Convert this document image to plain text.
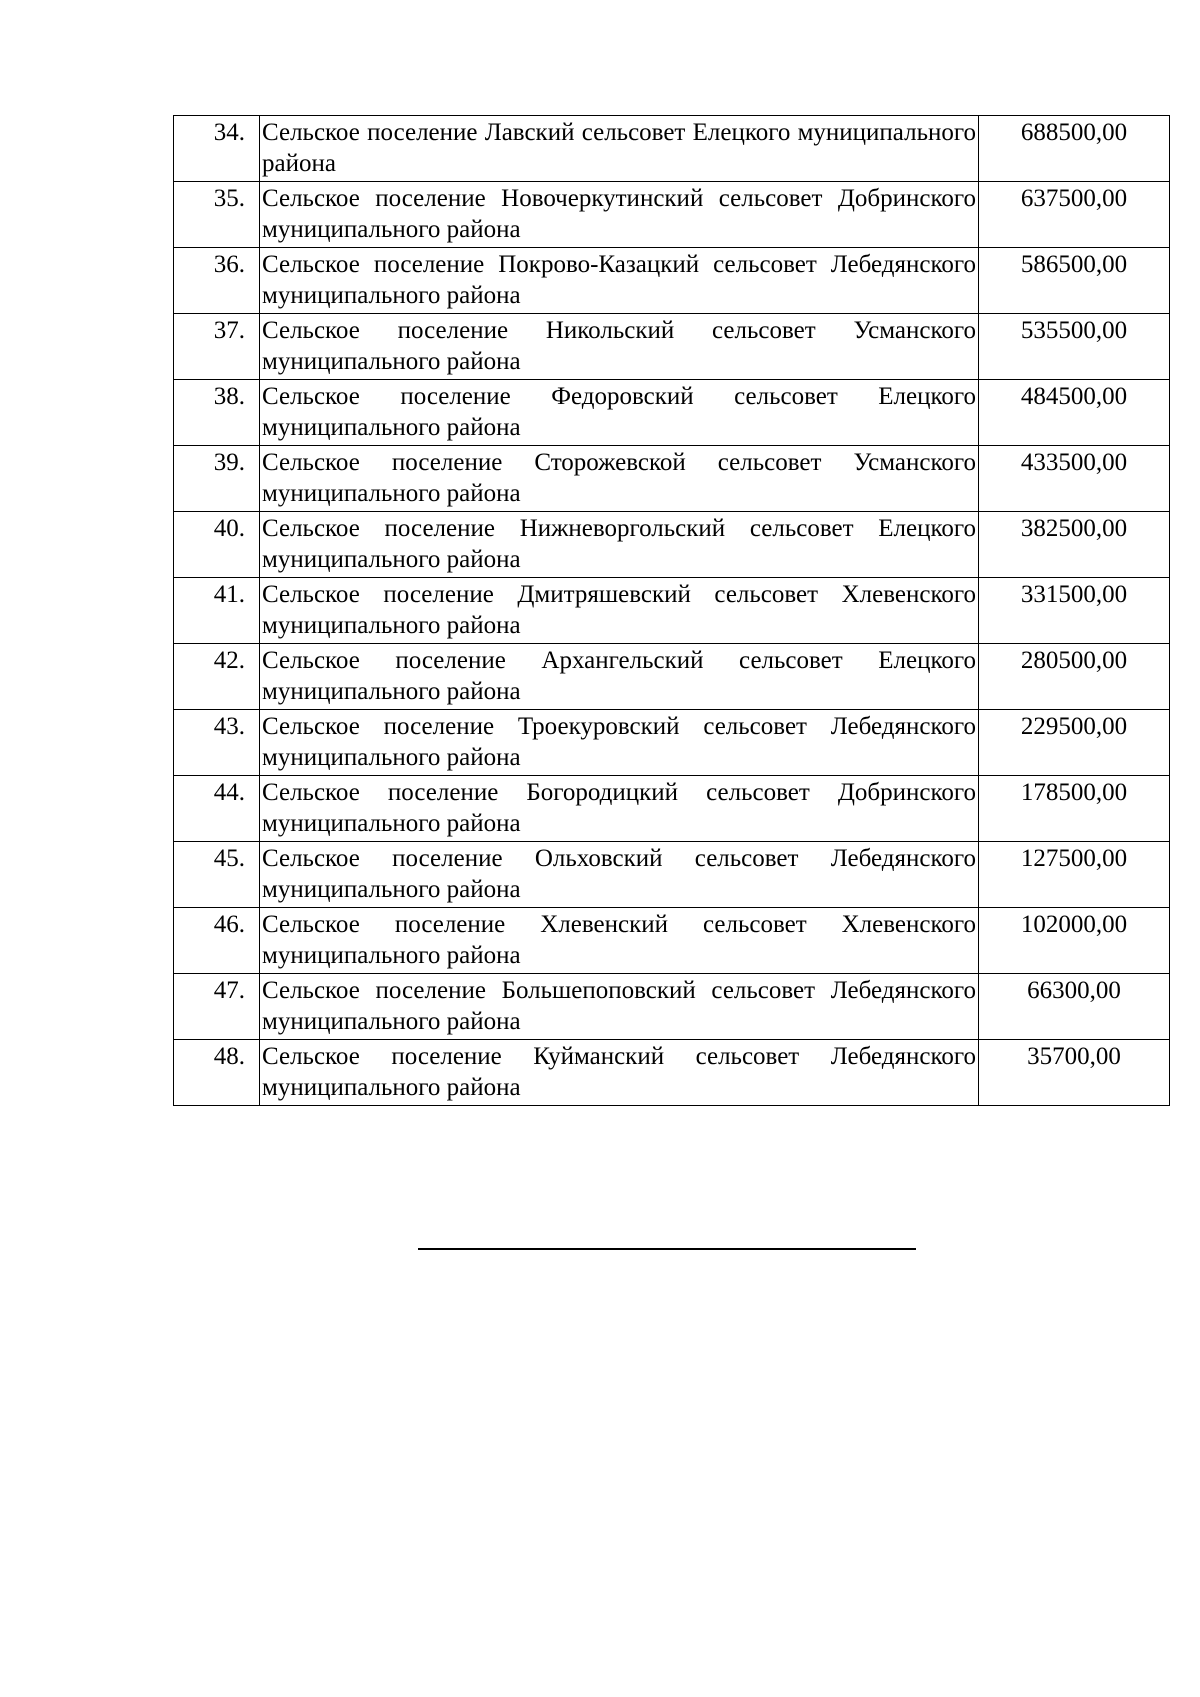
34.	Сельское поселение Лавский сельсовет Елецкого муниципального района	688500,00
35.	Сельское поселение Новочеркутинский сельсовет Добринского муниципального района	637500,00
36.	Сельское поселение Покрово-Казацкий сельсовет Лебедянского муниципального района	586500,00
37.	Сельское поселение Никольский сельсовет Усманского муниципального района	535500,00
38.	Сельское поселение Федоровский сельсовет Елецкого муниципального района	484500,00
39.	Сельское поселение Сторожевской сельсовет Усманского муниципального района	433500,00
40.	Сельское поселение Нижневоргольский сельсовет Елецкого муниципального района	382500,00
41.	Сельское поселение Дмитряшевский сельсовет Хлевенского муниципального района	331500,00
42.	Сельское поселение Архангельский сельсовет Елецкого муниципального района	280500,00
43.	Сельское поселение Троекуровский сельсовет Лебедянского муниципального района	229500,00
44.	Сельское поселение Богородицкий сельсовет Добринского муниципального района	178500,00
45.	Сельское поселение Ольховский сельсовет Лебедянского муниципального района	127500,00
46.	Сельское поселение Хлевенский сельсовет Хлевенского муниципального района	102000,00
47.	Сельское поселение Большепоповский сельсовет Лебедянского муниципального района	66300,00
48.	Сельское поселение Куйманский сельсовет Лебедянского муниципального района	35700,00
